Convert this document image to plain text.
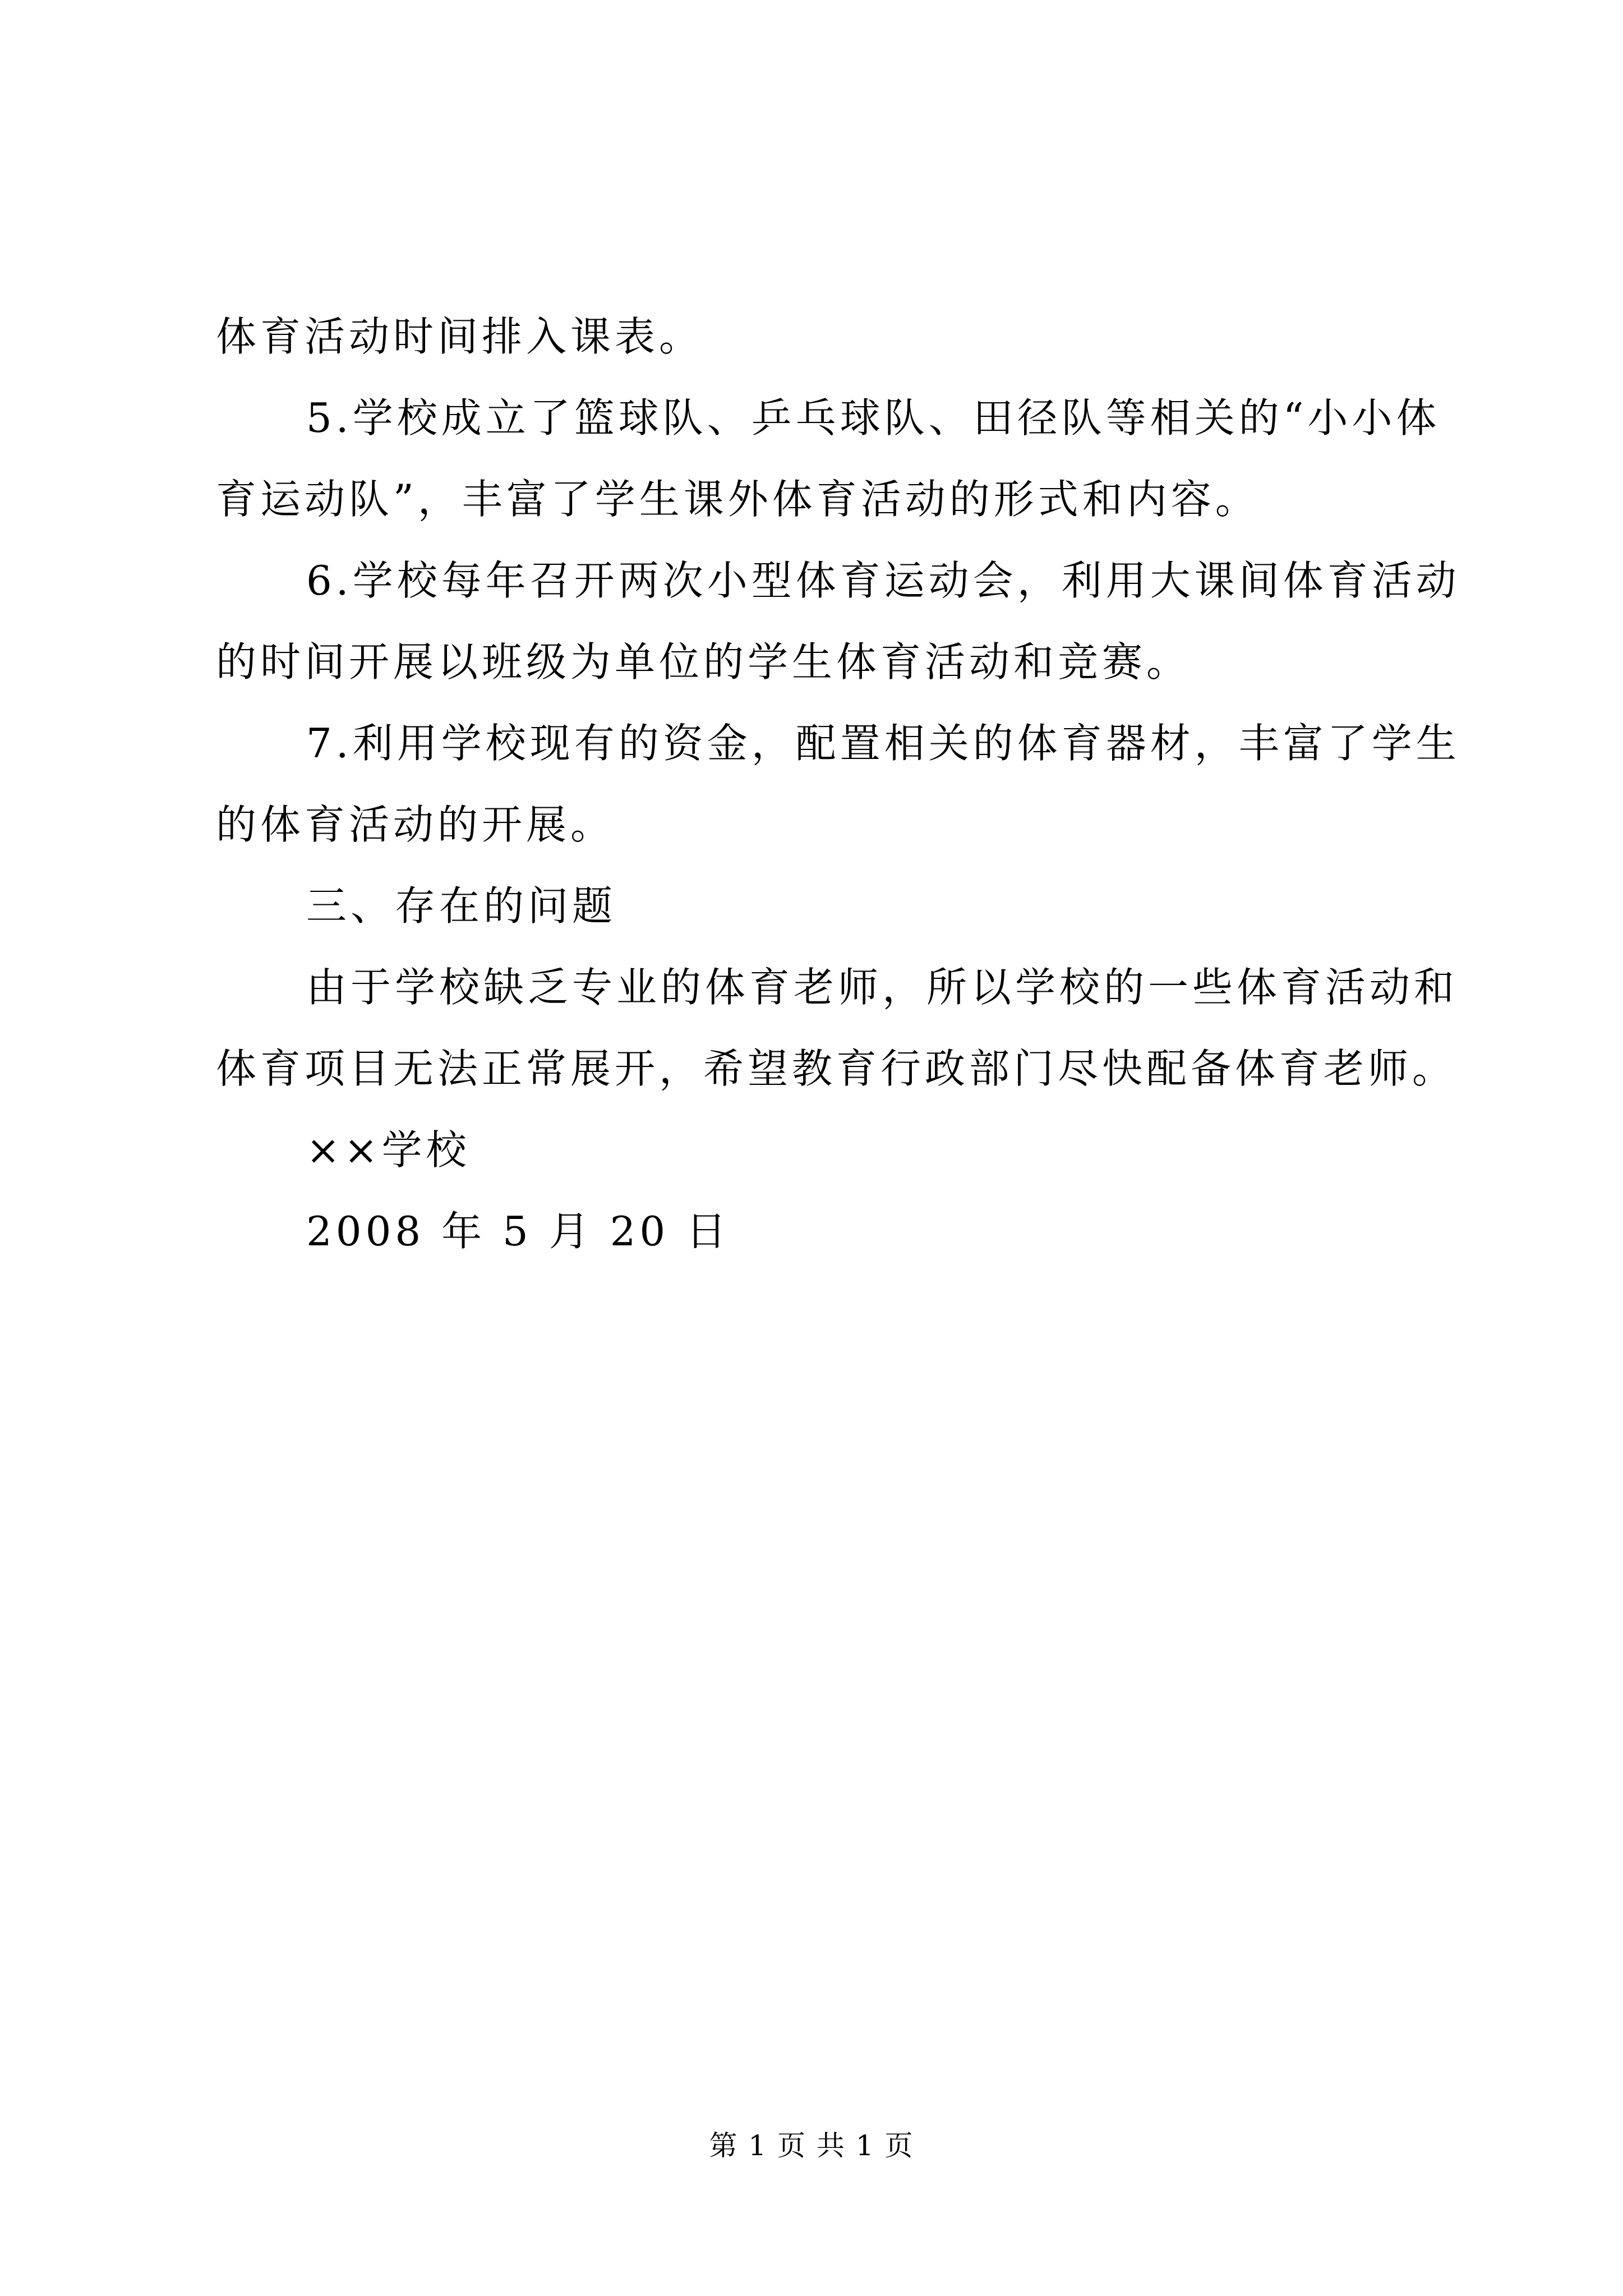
体育活动时间排入课表。
5.学校成立了篮球队、乒乓球队、田径队等相关的“小小体
育运动队”，丰富了学生课外体育活动的形式和内容。
6.学校每年召开两次小型体育运动会，利用大课间体育活动
的时间开展以班级为单位的学生体育活动和竞赛。
7.利用学校现有的资金，配置相关的体育器材，丰富了学生
的体育活动的开展。
三、存在的问题
由于学校缺乏专业的体育老师，所以学校的一些体育活动和
体育项目无法正常展开，希望教育行政部门尽快配备体育老师。
××学校
2008 年 5 月 20 日
第 1 页 共 1 页
